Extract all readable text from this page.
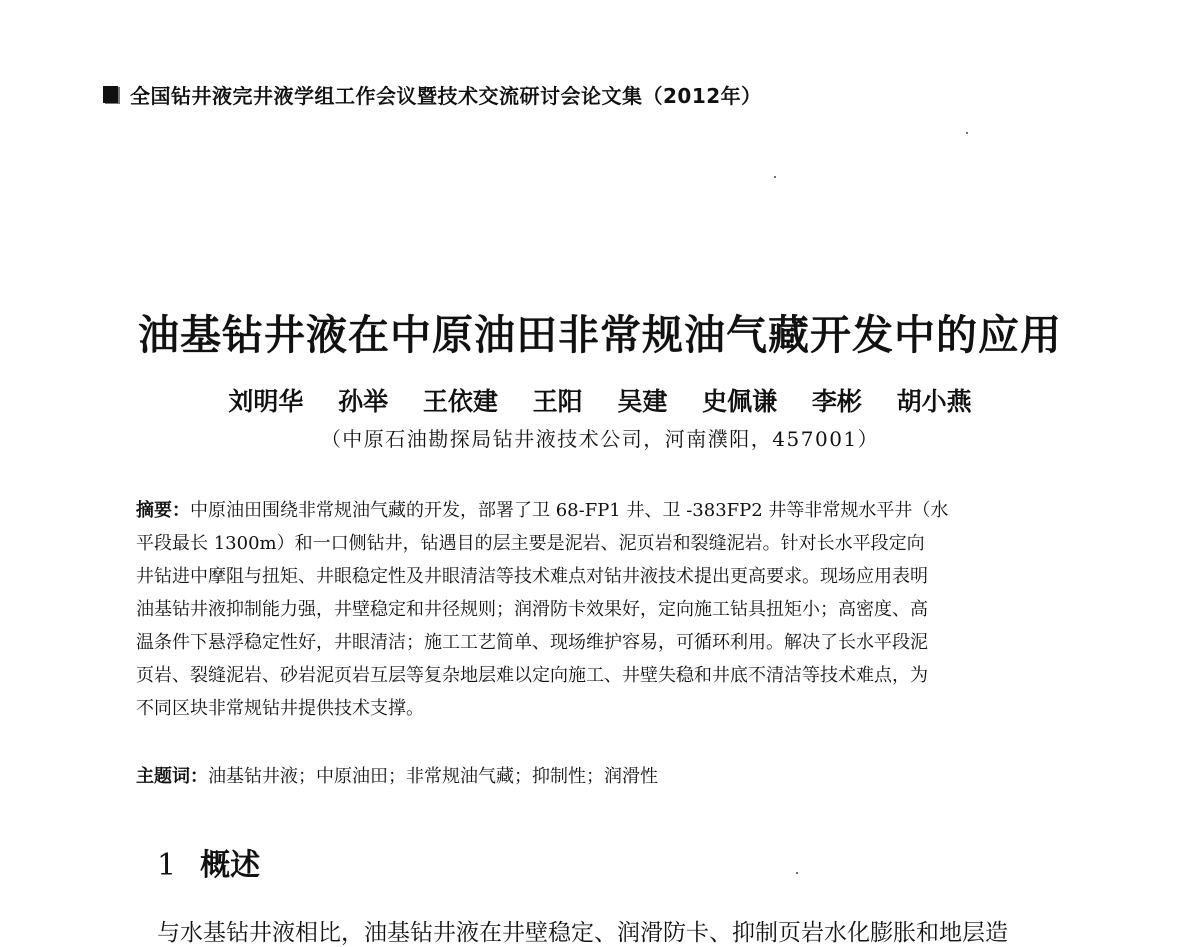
全国钻井液完井液学组工作会议暨技术交流研讨会论文集（2012年）
油基钻井液在中原油田非常规油气藏开发中的应用
刘明华 孙举 王依建 王阳 吴建 史佩谦 李彬 胡小燕
（中原石油勘探局钻井液技术公司，河南濮阳，457001）
摘要：中原油田围绕非常规油气藏的开发，部署了卫 68-FP1 井、卫 -383FP2 井等非常规水平井（水
平段最长 1300m）和一口侧钻井，钻遇目的层主要是泥岩、泥页岩和裂缝泥岩。针对长水平段定向
井钻进中摩阻与扭矩、井眼稳定性及井眼清洁等技术难点对钻井液技术提出更高要求。现场应用表明
油基钻井液抑制能力强，井壁稳定和井径规则；润滑防卡效果好，定向施工钻具扭矩小；高密度、高
温条件下悬浮稳定性好，井眼清洁；施工工艺简单、现场维护容易，可循环利用。解决了长水平段泥
页岩、裂缝泥岩、砂岩泥页岩互层等复杂地层难以定向施工、井壁失稳和井底不清洁等技术难点，为
不同区块非常规钻井提供技术支撑。
主题词：油基钻井液；中原油田；非常规油气藏；抑制性；润滑性
1 概述
与水基钻井液相比，油基钻井液在井壁稳定、润滑防卡、抑制页岩水化膨胀和地层造
